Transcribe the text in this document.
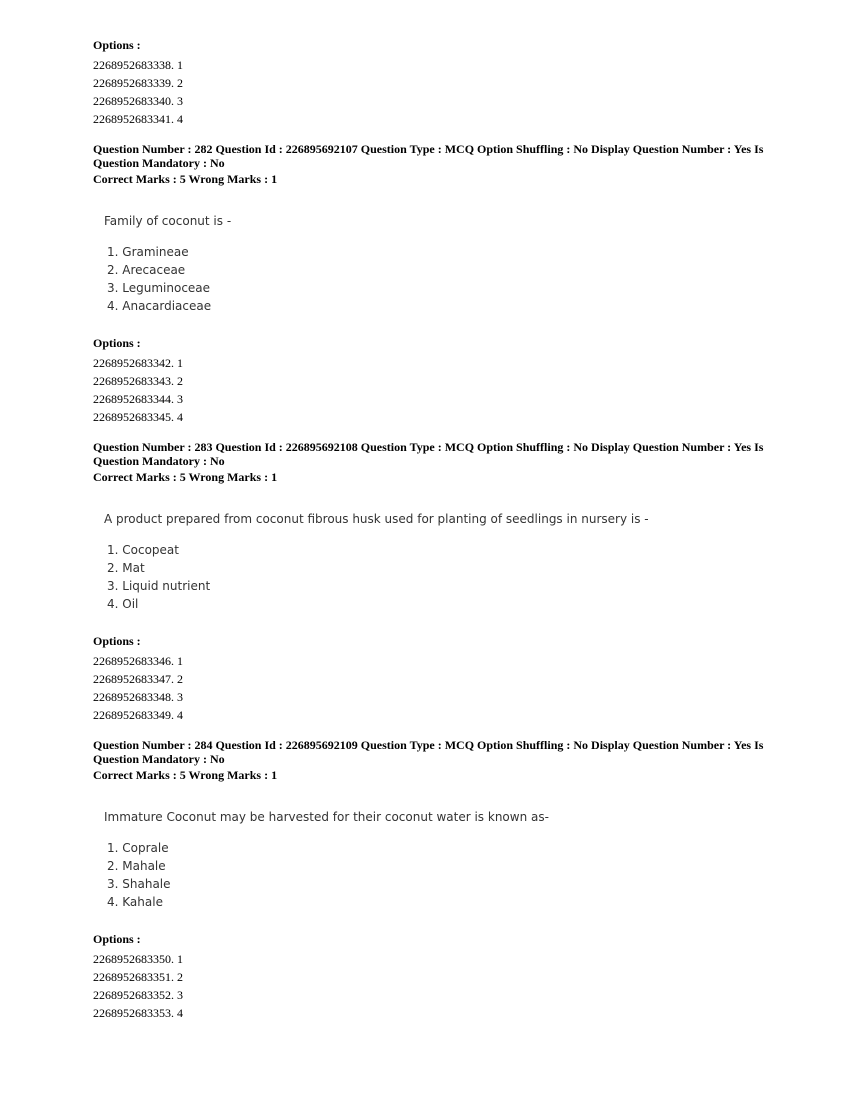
Options :
2268952683338. 1
2268952683339. 2
2268952683340. 3
2268952683341. 4
Question Number : 282 Question Id : 226895692107 Question Type : MCQ Option Shuffling : No Display Question Number : Yes Is
Question Mandatory : No
Correct Marks : 5 Wrong Marks : 1
Family of coconut is -
1. Gramineae
2. Arecaceae
3. Leguminoceae
4. Anacardiaceae
Options :
2268952683342. 1
2268952683343. 2
2268952683344. 3
2268952683345. 4
Question Number : 283 Question Id : 226895692108 Question Type : MCQ Option Shuffling : No Display Question Number : Yes Is
Question Mandatory : No
Correct Marks : 5 Wrong Marks : 1
A product prepared from coconut fibrous husk used for planting of seedlings in nursery is -
1. Cocopeat
2. Mat
3. Liquid nutrient
4. Oil
Options :
2268952683346. 1
2268952683347. 2
2268952683348. 3
2268952683349. 4
Question Number : 284 Question Id : 226895692109 Question Type : MCQ Option Shuffling : No Display Question Number : Yes Is
Question Mandatory : No
Correct Marks : 5 Wrong Marks : 1
Immature Coconut may be harvested for their coconut water is known as-
1. Coprale
2. Mahale
3. Shahale
4. Kahale
Options :
2268952683350. 1
2268952683351. 2
2268952683352. 3
2268952683353. 4
